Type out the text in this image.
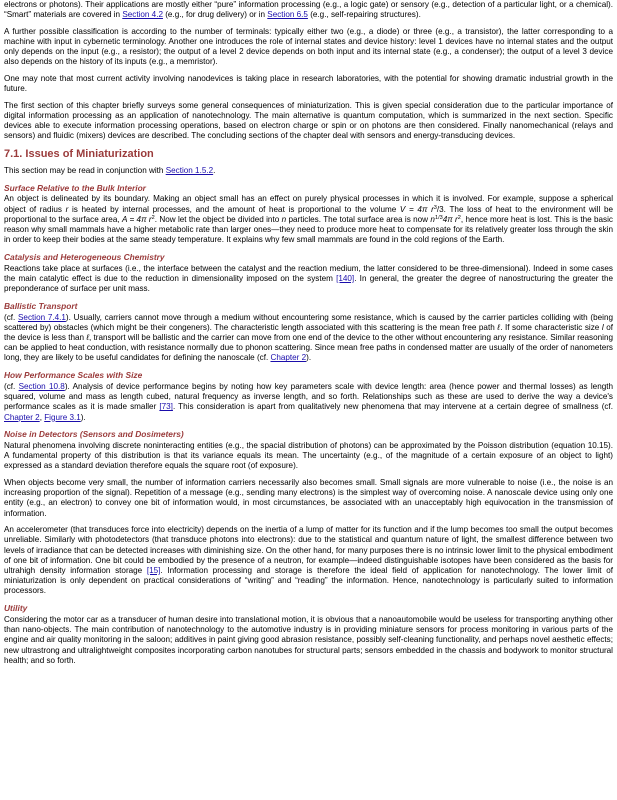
electrons or photons). Their applications are mostly either “pure” information processing (e.g., a logic gate) or sensory (e.g., detection of a particular light, or a chemical). “Smart” materials are covered in Section 4.2 (e.g., for drug delivery) or in Section 6.5 (e.g., self-repairing structures).

A further possible classification is according to the number of terminals: typically either two (e.g., a diode) or three (e.g., a transistor), the latter corresponding to a machine with input in cybernetic terminology. Another one introduces the role of internal states and device history: level 1 devices have no internal states and the output only depends on the input (e.g., a resistor); the output of a level 2 device depends on both input and its internal state (e.g., a condenser); the output of a level 3 device also depends on the history of its inputs (e.g., a memristor).

One may note that most current activity involving nanodevices is taking place in research laboratories, with the potential for showing dramatic industrial growth in the future.

The first section of this chapter briefly surveys some general consequences of miniaturization. This is given special consideration due to the particular importance of digital information processing as an application of nanotechnology. The main alternative is quantum computation, which is summarized in the next section. Specific devices able to execute information processing operations, based on electron charge or spin or on photons are then considered. Finally nanomechanical (relays and sensors) and fluidic (mixers) devices are described. The concluding sections of the chapter deal with sensors and energy-transducing devices.

7.1. Issues of Miniaturization

This section may be read in conjunction with Section 1.5.2.

Surface Relative to the Bulk Interior

An object is delineated by its boundary. Making an object small has an effect on purely physical processes in which it is involved. For example, suppose a spherical object of radius r is heated by internal processes, and the amount of heat is proportional to the volume V = 4π $r^3/3$. The loss of heat to the environment will be proportional to the surface area, A = 4π $r^2$. Now let the object be divided into n particles. The total surface area is now $n^{1/3}4\pi$ $r^2$, hence more heat is lost. This is the basic reason why small mammals have a higher metabolic rate than larger ones—they need to produce more heat to compensate for its relatively greater loss through the skin in order to keep their bodies at the same steady temperature. It explains why few small mammals are found in the cold regions of the Earth.

Catalysis and Heterogeneous Chemistry

Reactions take place at surfaces (i.e., the interface between the catalyst and the reaction medium, the latter considered to be three-dimensional). Indeed in some cases the main catalytic effect is due to the reduction in dimensionality imposed on the system [140]. In general, the greater the degree of nanostructuring the greater the preponderance of surface per unit mass.

Ballistic Transport

(cf. Section 7.4.1). Usually, carriers cannot move through a medium without encountering some resistance, which is caused by the carrier particles colliding with (being scattered by) obstacles (which might be their congeners). The characteristic length associated with this scattering is the mean free path ℓ. If some characteristic size l of the device is less than ℓ, transport will be ballistic and the carrier can move from one end of the device to the other without encountering any resistance. Similar reasoning can be applied to heat conduction, with resistance normally due to phonon scattering. Since mean free paths in condensed matter are usually of the order of nanometers long, they are likely to be useful candidates for defining the nanoscale (cf. Chapter 2).

How Performance Scales with Size

(cf. Section 10.8). Analysis of device performance begins by noting how key parameters scale with device length: area (hence power and thermal losses) as length squared, volume and mass as length cubed, natural frequency as inverse length, and so forth. Relationships such as these are used to derive the way a device's performance scales as it is made smaller [73]. This consideration is apart from qualitatively new phenomena that may intervene at a certain degree of smallness (cf. Chapter 2, Figure 3.1).

Noise in Detectors (Sensors and Dosimeters)

Natural phenomena involving discrete noninteracting entities (e.g., the spacial distribution of photons) can be approximated by the Poisson distribution (equation 10.15). A fundamental property of this distribution is that its variance equals its mean. The uncertainty (e.g., of the magnitude of a certain exposure of an object to light) expressed as a standard deviation therefore equals the square root (of exposure).

When objects become very small, the number of information carriers necessarily also becomes small. Small signals are more vulnerable to noise (i.e., the noise is an increasing proportion of the signal). Repetition of a message (e.g., sending many electrons) is the simplest way of overcoming noise. A nanoscale device using only one entity (e.g., an electron) to convey one bit of information would, in most circumstances, be associated with an unacceptably high equivocation in the transmission of information.

An accelerometer (that transduces force into electricity) depends on the inertia of a lump of matter for its function and if the lump becomes too small the output becomes unreliable. Similarly with photodetectors (that transduce photons into electrons): due to the statistical and quantum nature of light, the smallest difference between two levels of irradiance that can be detected increases with diminishing size. On the other hand, for many purposes there is no intrinsic lower limit to the physical embodiment of one bit of information. One bit could be embodied by the presence of a neutron, for example—indeed distinguishable isotopes have been considered as the basis for ultrahigh density information storage [15]. Information processing and storage is therefore the ideal field of application for nanotechnology. The lower limit of miniaturization is only dependent on practical considerations of “writing” and “reading” the information. Hence, nanotechnology is particularly suited to information processors.

Utility

Considering the motor car as a transducer of human desire into translational motion, it is obvious that a nanoautomobile would be useless for transporting anything other than nano-objects. The main contribution of nanotechnology to the automotive industry is in providing miniature sensors for process monitoring in various parts of the engine and air quality monitoring in the saloon; additives in paint giving good abrasion resistance, possibly self-cleaning functionality, and perhaps novel aesthetic effects; new ultrastrong and ultralightweight composites incorporating carbon nanotubes for structural parts; sensors embedded in the chassis and bodywork to monitor structural health; and so forth.
